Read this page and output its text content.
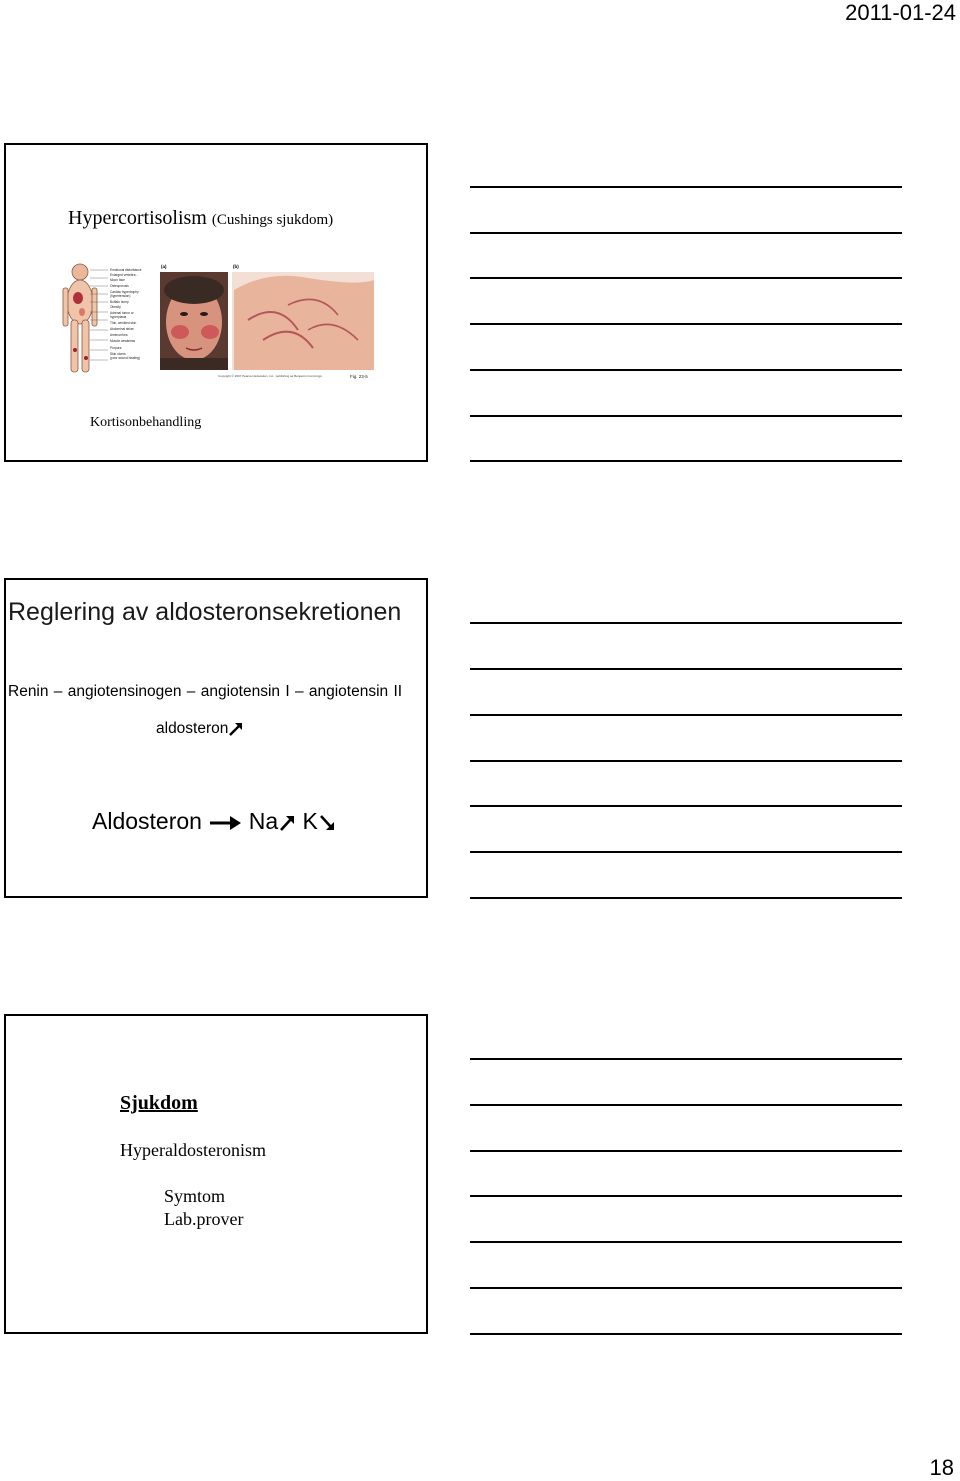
2011-01-24
Hypercortisolism (Cushings sjukdom)
Emotional disturbance
Enlarged vertebra...
Moon face
Osteoporosis
Cardiac hypertrophy
(hypertension)
Buffalo hump
Obesity
Adrenal tumor or
hyperplasia
Thin, wrinkled skin
Abdominal striae
Amenorrhea
Muscle weakness
Purpura
Skin ulcers
(poor wound healing)
(a)	(b)
Copyright © 2007 Pearson Education, Inc., publishing as Benjamin Cummings	Fig. 23-5
Kortisonbehandling
Reglering av aldosteronsekretionen
Renin – angiotensinogen – angiotensin I – angiotensin II
aldosteron
Aldosteron Na K
Sjukdom
Hyperaldosteronism
Symtom
Lab.prover
18
